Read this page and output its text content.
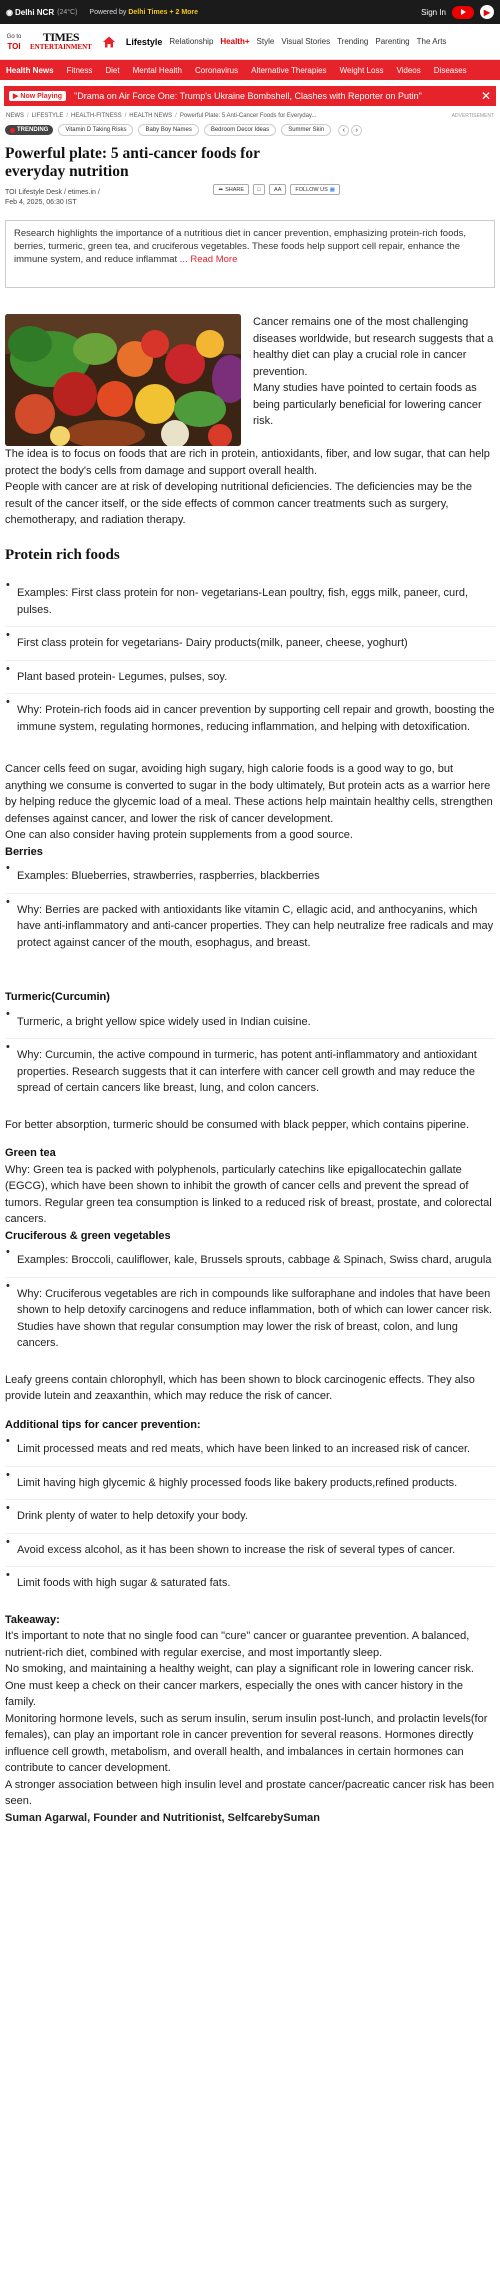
◉ Delhi NCR (24°C) Powered by Delhi Times + 2 More	Sign In	▶
Go to
TOI
TIMES
ENTERTAINMENT	Lifestyle Relationship Health+ Style Visual Stories Trending Parenting The Arts
Health News Fitness Diet Mental Health Coronavirus Alternative Therapies Weight Loss Videos Diseases
▶ Now Playing "Drama on Air Force One: Trump's Ukraine Bombshell, Clashes with Reporter on Putin"	✕
NEWS / LIFESTYLE / HEALTH-FITNESS / HEALTH NEWS / Powerful Plate: 5 Anti-Cancer Foods for Everyday...	ADVERTISEMENT
TRENDING	Vitamin D Taking Risks	Baby Boy Names	Bedroom Decor Ideas	Summer Skin	‹	›
Powerful plate: 5 anti-cancer foods for everyday nutrition
TOI Lifestyle Desk / etimes.in /
Feb 4, 2025, 06:30 IST
➦ SHARE □	AA	FOLLOW US ▦
Research highlights the importance of a nutritious diet in cancer prevention, emphasizing protein-rich foods, berries, turmeric, green tea, and cruciferous vegetables. These foods help support cell repair, enhance the immune system, and reduce inflammat ... Read More

Cancer remains one of the most challenging diseases worldwide, but research suggests that a healthy diet can play a crucial role in cancer prevention.

Many studies have pointed to certain foods as being particularly beneficial for lowering cancer risk.

The idea is to focus on foods that are rich in protein, antioxidants, fiber, and low sugar, that can help protect the body's cells from damage and support overall health.

People with cancer are at risk of developing nutritional deficiencies. The deficiencies may be the result of the cancer itself, or the side effects of common cancer treatments such as surgery, chemotherapy, and radiation therapy.

Protein rich foods
• Examples: First class protein for non- vegetarians-Lean poultry, fish, eggs milk, paneer, curd, pulses.
• First class protein for vegetarians- Dairy products(milk, paneer, cheese, yoghurt)
• Plant based protein- Legumes, pulses, soy.
• Why: Protein-rich foods aid in cancer prevention by supporting cell repair and growth, boosting the immune system, regulating hormones, reducing inflammation, and helping with detoxification.

Cancer cells feed on sugar, avoiding high sugary, high calorie foods is a good way to go, but anything we consume is converted to sugar in the body ultimately, But protein acts as a warrior here by helping reduce the glycemic load of a meal. These actions help maintain healthy cells, strengthen defenses against cancer, and lower the risk of cancer development.

One can also consider having protein supplements from a good source.

Berries
• Examples: Blueberries, strawberries, raspberries, blackberries
• Why: Berries are packed with antioxidants like vitamin C, ellagic acid, and anthocyanins, which have anti-inflammatory and anti-cancer properties. They can help neutralize free radicals and may protect against cancer of the mouth, esophagus, and breast.
Turmeric(Curcumin)
• Turmeric, a bright yellow spice widely used in Indian cuisine.
• Why: Curcumin, the active compound in turmeric, has potent anti-inflammatory and antioxidant properties. Research suggests that it can interfere with cancer cell growth and may reduce the spread of certain cancers like breast, lung, and colon cancers.

For better absorption, turmeric should be consumed with black pepper, which contains piperine.

Green tea

Why: Green tea is packed with polyphenols, particularly catechins like epigallocatechin gallate (EGCG), which have been shown to inhibit the growth of cancer cells and prevent the spread of tumors. Regular green tea consumption is linked to a reduced risk of breast, prostate, and colorectal cancers.

Cruciferous & green vegetables
• Examples: Broccoli, cauliflower, kale, Brussels sprouts, cabbage & Spinach, Swiss chard, arugula
• Why: Cruciferous vegetables are rich in compounds like sulforaphane and indoles that have been shown to help detoxify carcinogens and reduce inflammation, both of which can lower cancer risk. Studies have shown that regular consumption may lower the risk of breast, colon, and lung cancers.

Leafy greens contain chlorophyll, which has been shown to block carcinogenic effects. They also provide lutein and zeaxanthin, which may reduce the risk of cancer.

Additional tips for cancer prevention:
• Limit processed meats and red meats, which have been linked to an increased risk of cancer.
• Limit having high glycemic & highly processed foods like bakery products,refined products.
• Drink plenty of water to help detoxify your body.
• Avoid excess alcohol, as it has been shown to increase the risk of several types of cancer.
• Limit foods with high sugar & saturated fats.
Takeaway:

It's important to note that no single food can "cure" cancer or guarantee prevention. A balanced, nutrient-rich diet, combined with regular exercise, and most importantly sleep.

No smoking, and maintaining a healthy weight, can play a significant role in lowering cancer risk.

One must keep a check on their cancer markers, especially the ones with cancer history in the family.

Monitoring hormone levels, such as serum insulin, serum insulin post-lunch, and prolactin levels(for females), can play an important role in cancer prevention for several reasons. Hormones directly influence cell growth, metabolism, and overall health, and imbalances in certain hormones can contribute to cancer development.

A stronger association between high insulin level and prostate cancer/pacreatic cancer risk has been seen.

Suman Agarwal, Founder and Nutritionist, SelfcarebySuman
